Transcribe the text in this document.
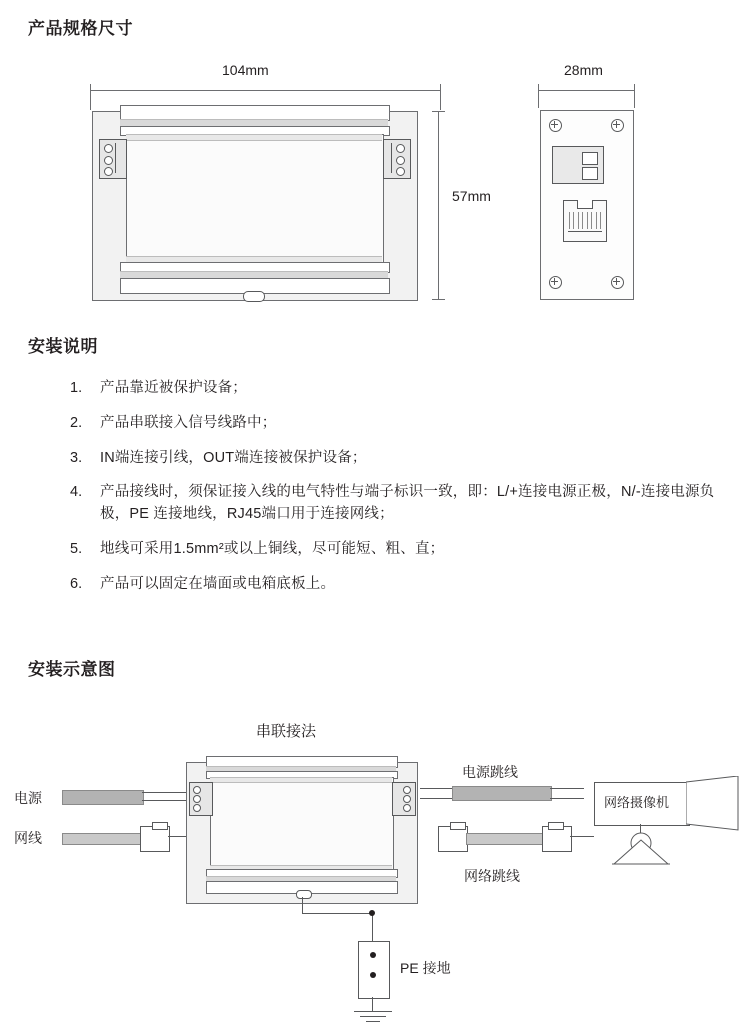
产品规格尺寸
104mm
57mm
28mm
安装说明
1.	产品靠近被保护设备；
2.	产品串联接入信号线路中；
3.	IN端连接引线，OUT端连接被保护设备；
4.	产品接线时，须保证接入线的电气特性与端子标识一致，即：L/+连接电源正极，N/-连接电源负极，PE 连接地线，RJ45端口用于连接网线；
5.	地线可采用1.5mm²或以上铜线，尽可能短、粗、直；
6.	产品可以固定在墙面或电箱底板上。
安装示意图
串联接法
电源
网线
PE 接地
电源跳线
网络跳线
网络摄像机
